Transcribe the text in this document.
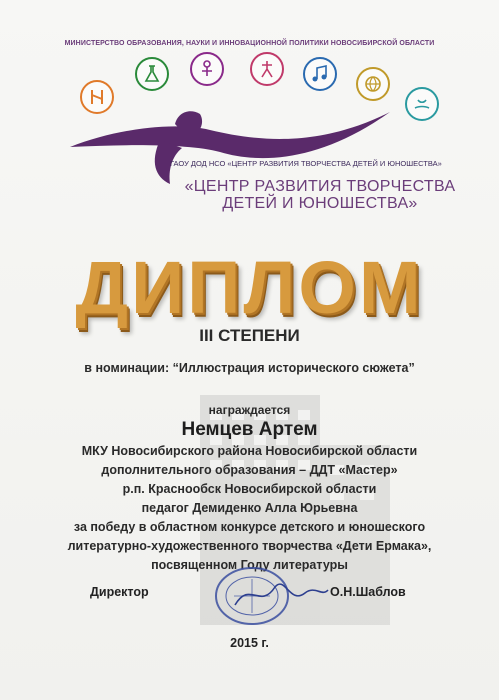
МИНИСТЕРСТВО ОБРАЗОВАНИЯ, НАУКИ И ИННОВАЦИОННОЙ ПОЛИТИКИ НОВОСИБИРСКОЙ ОБЛАСТИ
ГАОУ ДОД НСО «ЦЕНТР РАЗВИТИЯ ТВОРЧЕСТВА ДЕТЕЙ И ЮНОШЕСТВА»
«ЦЕНТР РАЗВИТИЯ ТВОРЧЕСТВА
ДЕТЕЙ И ЮНОШЕСТВА»
ДИПЛОМ
III СТЕПЕНИ
в номинации: “Иллюстрация исторического сюжета”
награждается
Немцев Артем
МКУ Новосибирского района Новосибирской области
дополнительного образования – ДДТ «Мастер»
р.п. Краснообск Новосибирской области
педагог Демиденко Алла Юрьевна
за победу в областном конкурсе детского и юношеского
литературно-художественного творчества «Дети Ермака»,
посвященном Году литературы
Директор	О.Н.Шаблов
2015 г.
